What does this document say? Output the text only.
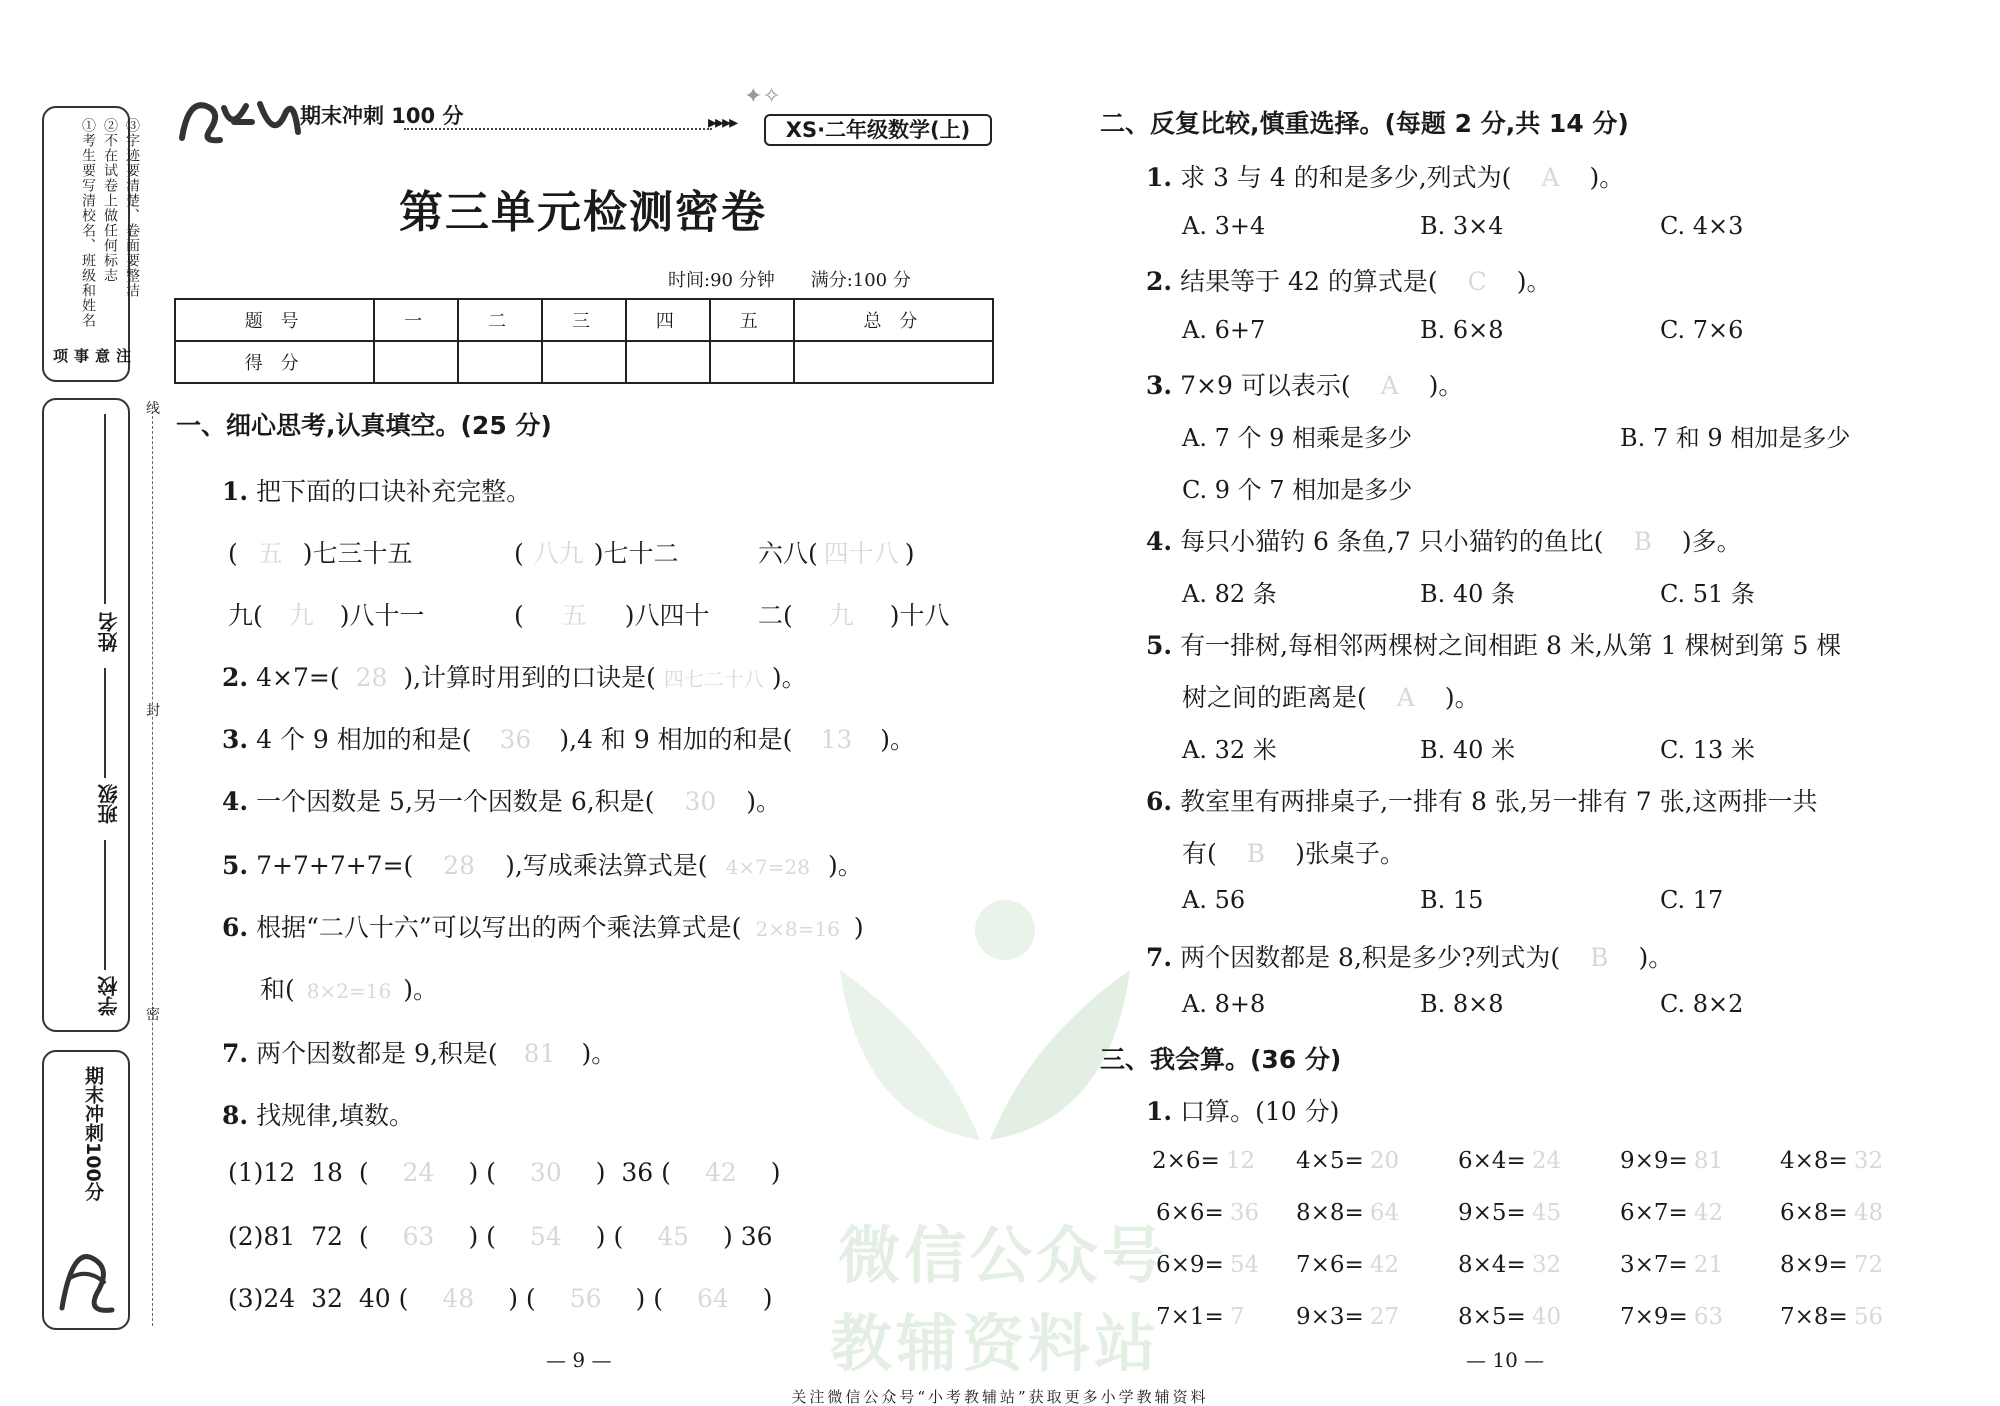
注意事项
①考生要写清校名、班级和姓名 ②不在试卷上做任何标志 ③字迹要清楚、卷面要整洁
姓名
班级
学校
期末冲刺100分
线
封
密
期末冲刺 100 分	▸▸▸▸
✦✧
XS·二年级数学(上)
第三单元检测密卷
时间:90 分钟 满分:100 分
题 号	一	二	三	四	五	总 分
得 分						
一、细心思考,认真填空。(25 分)
1. 把下面的口诀补充完整。
( 五 )七三十五	( 八九 )七十二	六八( 四十八 )
九( 九 )八十一	( 五 )八四十 二( 九 )十八
2. 4×7=( 28 ),计算时用到的口诀是( 四七二十八 )。
3. 4 个 9 相加的和是( 36 ),4 和 9 相加的和是( 13 )。
4. 一个因数是 5,另一个因数是 6,积是( 30 )。
5. 7+7+7+7=( 28 ),写成乘法算式是( 4×7=28 )。
6. 根据“二八十六”可以写出的两个乘法算式是( 2×8=16 )
和( 8×2=16 )。
7. 两个因数都是 9,积是( 81 )。
8. 找规律,填数。
(1)12 18 ( 24 ) ( 30 ) 36 ( 42 )
(2)81 72 ( 63 ) ( 54 ) ( 45 ) 36
(3)24 32 40 ( 48 ) ( 56 ) ( 64 )
— 9 —
微信公众号
教辅资料站
二、反复比较,慎重选择。(每题 2 分,共 14 分)
1. 求 3 与 4 的和是多少,列式为( A )。
A. 3+4	B. 3×4	C. 4×3
2. 结果等于 42 的算式是( C )。
A. 6+7	B. 6×8	C. 7×6
3. 7×9 可以表示( A )。
A. 7 个 9 相乘是多少	B. 7 和 9 相加是多少
C. 9 个 7 相加是多少
4. 每只小猫钓 6 条鱼,7 只小猫钓的鱼比( B )多。
A. 82 条	B. 40 条	C. 51 条
5. 有一排树,每相邻两棵树之间相距 8 米,从第 1 棵树到第 5 棵
树之间的距离是( A )。
A. 32 米	B. 40 米	C. 13 米
6. 教室里有两排桌子,一排有 8 张,另一排有 7 张,这两排一共
有( B )张桌子。
A. 56	B. 15	C. 17
7. 两个因数都是 8,积是多少?列式为( B )。
A. 8+8	B. 8×8	C. 8×2
三、我会算。(36 分)
1. 口算。(10 分)
2×6= 12 4×5= 20	6×4= 24	9×9= 81 4×8= 32
6×6= 36 8×8= 64	9×5= 45	6×7= 42 6×8= 48
6×9= 54 7×6= 42	8×4= 32	3×7= 21 8×9= 72
7×1= 7 9×3= 27	8×5= 40	7×9= 63 7×8= 56
— 10 —
关注微信公众号“小考教辅站”获取更多小学教辅资料
